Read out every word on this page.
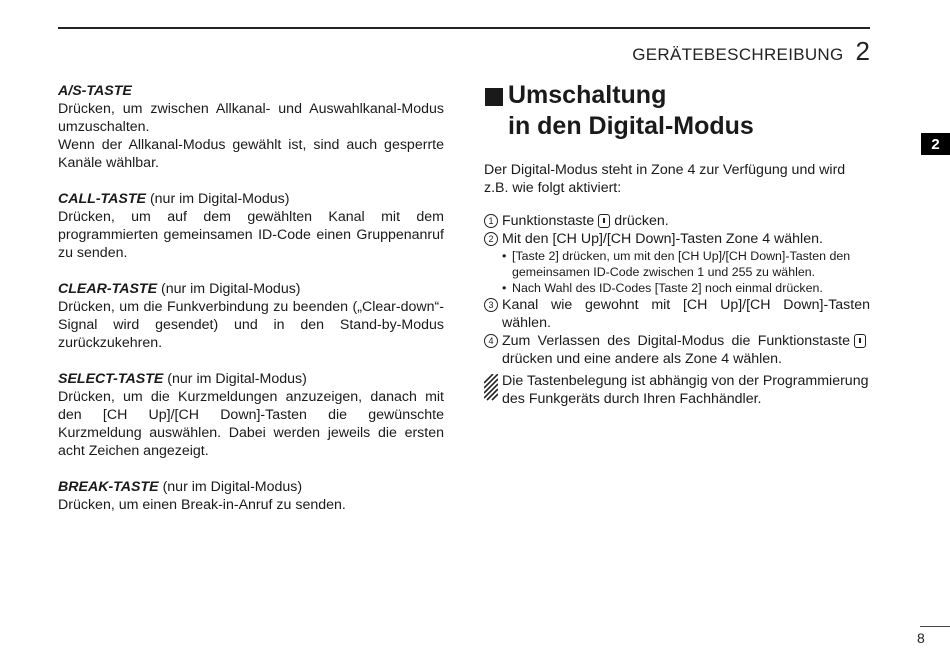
GERÄTEBESCHREIBUNG 2
2
A/S-TASTE

Drücken, um zwischen Allkanal- und Auswahlkanal-Modus umzuschalten.

Wenn der Allkanal-Modus gewählt ist, sind auch gesperrte Kanäle wählbar.

CALL-TASTE (nur im Digital-Modus)

Drücken, um auf dem gewählten Kanal mit dem programmierten gemeinsamen ID-Code einen Gruppenanruf zu senden.

CLEAR-TASTE (nur im Digital-Modus)

Drücken, um die Funkverbindung zu beenden („Clear-down“-Signal wird gesendet) und in den Stand-by-Modus zurückzukehren.

SELECT-TASTE (nur im Digital-Modus)

Drücken, um die Kurzmeldungen anzuzeigen, danach mit den [CH Up]/[CH Down]-Tasten die gewünschte Kurzmeldung auswählen. Dabei werden jeweils die ersten acht Zeichen angezeigt.

BREAK-TASTE (nur im Digital-Modus)

Drücken, um einen Break-in-Anruf zu senden.

Umschaltung
in den Digital-Modus

Der Digital-Modus steht in Zone 4 zur Verfügung und wird z.B. wie folgt aktiviert:

1 Funktionstaste drücken.
2 Mit den [CH Up]/[CH Down]-Tasten Zone 4 wählen.
• [Taste 2] drücken, um mit den [CH Up]/[CH Down]-Tasten den gemeinsamen ID-Code zwischen 1 und 255 zu wählen.
• Nach Wahl des ID-Codes [Taste 2] noch einmal drücken.
3 Kanal wie gewohnt mit [CH Up]/[CH Down]-Tasten wählen.
4 Zum Verlassen des Digital-Modus die Funktionstastedrücken und eine andere als Zone 4 wählen.
Die Tastenbelegung ist abhängig von der Programmierung des Funkgeräts durch Ihren Fachhändler.
8
